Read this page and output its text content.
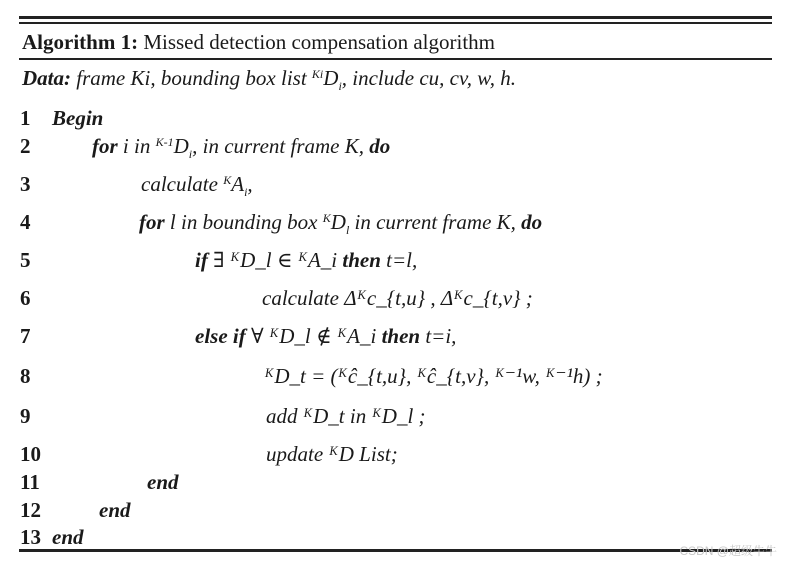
Algorithm 1: Missed detection compensation algorithm
Data: frame Ki, bounding box list $^{Ki}D_i$, include cu, cv, w, h.
1 Begin
2	for i in $^{K-1}D_i$, in current frame K, do
3	calculate $^KA_i$,
4	for l in bounding box $^KD_l$ in current frame K, do
5	if ∃ ᴷD_l ∈ ᴷA_i then t=l,
6	calculate Δᴷc_{t,u} , Δᴷc_{t,v} ;
7	else if ∀ ᴷD_l ∉ ᴷA_i then t=i,
8	ᴷD_t = (ᴷĉ_{t,u}, ᴷĉ_{t,v}, ᴷ⁻¹w, ᴷ⁻¹h) ;
9	add ᴷD_t in ᴷD_l ;
10	update ᴷD List;
11	end
12	end
13 end
CSDN @超级牛牛
